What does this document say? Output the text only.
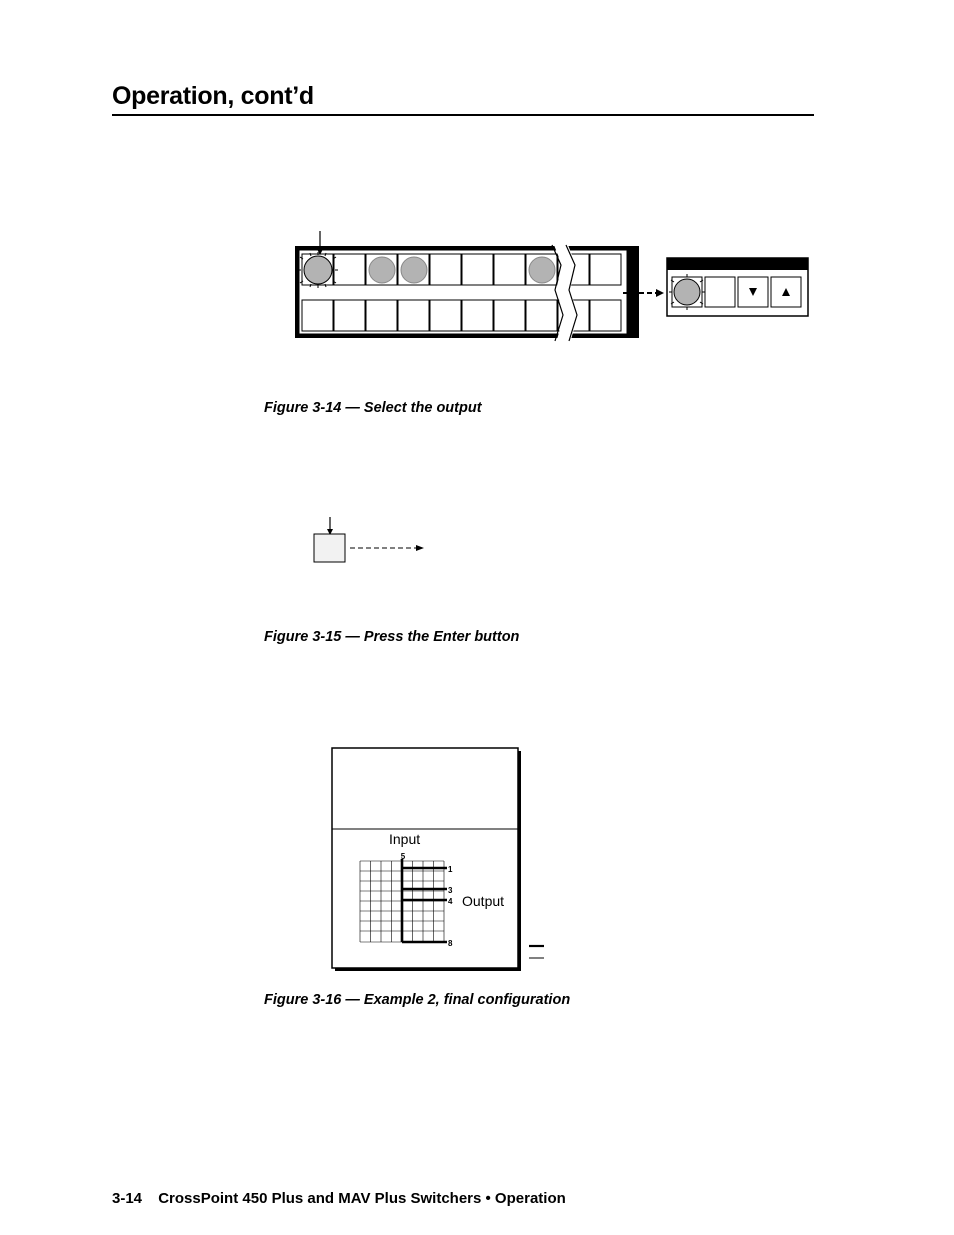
Operation, cont’d
Figure 3-14 — Select the output
Figure 3-15 — Press the Enter button
Input
Output
5
1
3
4
8
Figure 3-16 — Example 2, final configuration
3-14 CrossPoint 450 Plus and MAV Plus Switchers • Operation
